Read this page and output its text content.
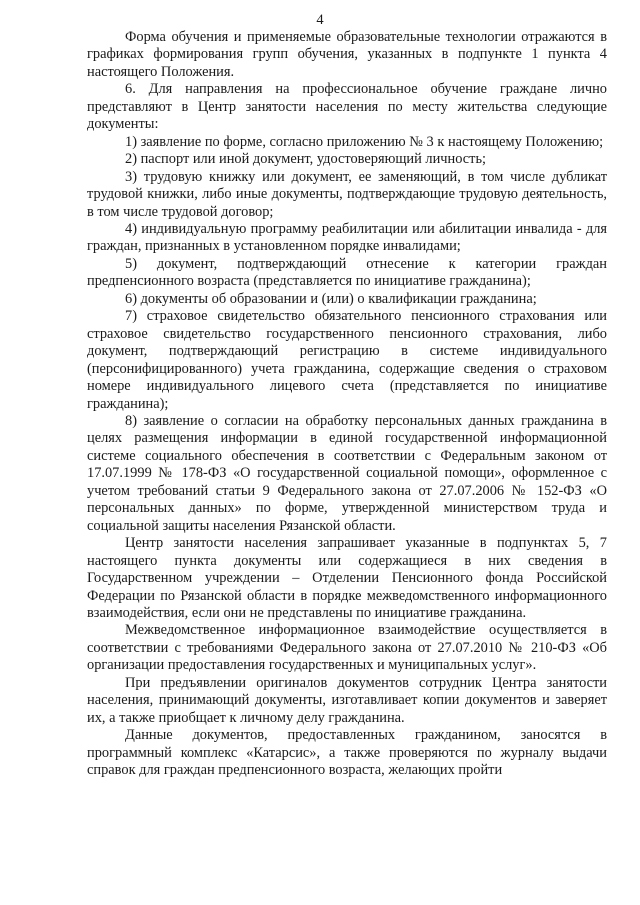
4

Форма обучения и применяемые образовательные технологии отражаются в графиках формирования групп обучения, указанных в подпункте 1 пункта 4 настоящего Положения.

6. Для направления на профессиональное обучение граждане лично представляют в Центр занятости населения по месту жительства следующие документы:

1) заявление по форме, согласно приложению № 3 к настоящему Положению;

2) паспорт или иной документ, удостоверяющий личность;

3) трудовую книжку или документ, ее заменяющий, в том числе дубликат трудовой книжки, либо иные документы, подтверждающие трудовую деятельность, в том числе трудовой договор;

4) индивидуальную программу реабилитации или абилитации инвалида - для граждан, признанных в установленном порядке инвалидами;

5) документ, подтверждающий отнесение к категории граждан предпенсионного возраста (представляется по инициативе гражданина);

6) документы об образовании и (или) о квалификации гражданина;

7) страховое свидетельство обязательного пенсионного страхования или страховое свидетельство государственного пенсионного страхования, либо документ, подтверждающий регистрацию в системе индивидуального (персонифицированного) учета гражданина, содержащие сведения о страховом номере индивидуального лицевого счета (представляется по инициативе гражданина);

8) заявление о согласии на обработку персональных данных гражданина в целях размещения информации в единой государственной информационной системе социального обеспечения в соответствии с Федеральным законом от 17.07.1999 № 178-ФЗ «О государственной социальной помощи», оформленное с учетом требований статьи 9 Федерального закона от 27.07.2006 № 152-ФЗ «О персональных данных» по форме, утвержденной министерством труда и социальной защиты населения Рязанской области.

Центр занятости населения запрашивает указанные в подпунктах 5, 7 настоящего пункта документы или содержащиеся в них сведения в Государственном учреждении – Отделении Пенсионного фонда Российской Федерации по Рязанской области в порядке межведомственного информационного взаимодействия, если они не представлены по инициативе гражданина.

Межведомственное информационное взаимодействие осуществляется в соответствии с требованиями Федерального закона от 27.07.2010 № 210-ФЗ «Об организации предоставления государственных и муниципальных услуг».

При предъявлении оригиналов документов сотрудник Центра занятости населения, принимающий документы, изготавливает копии документов и заверяет их, а также приобщает к личному делу гражданина.

Данные документов, предоставленных гражданином, заносятся в программный комплекс «Катарсис», а также проверяются по журналу выдачи справок для граждан предпенсионного возраста, желающих пройти
